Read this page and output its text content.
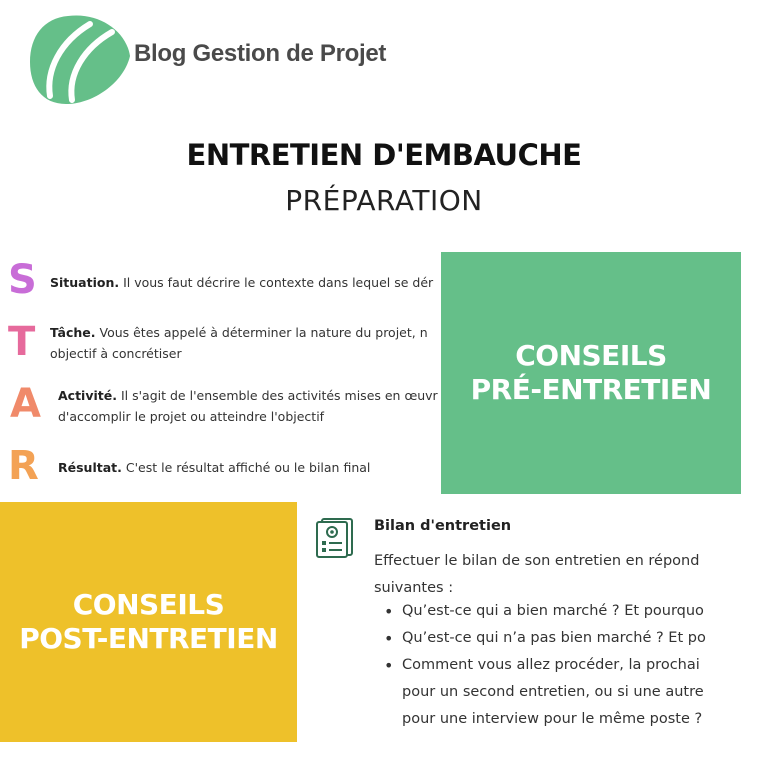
Blog Gestion de Projet
ENTRETIEN D'EMBAUCHE
PRÉPARATION
S
T
A
R
Situation. Il vous faut décrire le contexte dans lequel se dér
Tâche. Vous êtes appelé à déterminer la nature du projet, n
objectif à concrétiser
Activité. Il s'agit de l'ensemble des activités mises en œuvr
d'accomplir le projet ou atteindre l'objectif
Résultat. C'est le résultat affiché ou le bilan final
CONSEILS
PRÉ-ENTRETIEN
CONSEILS
POST-ENTRETIEN
Bilan d'entretien
Effectuer le bilan de son entretien en répond
suivantes :
• Qu’est-ce qui a bien marché ? Et pourquo
• Qu’est-ce qui n’a pas bien marché ? Et po
• Comment vous allez procéder, la prochai
pour un second entretien, ou si une autre
pour une interview pour le même poste ?
